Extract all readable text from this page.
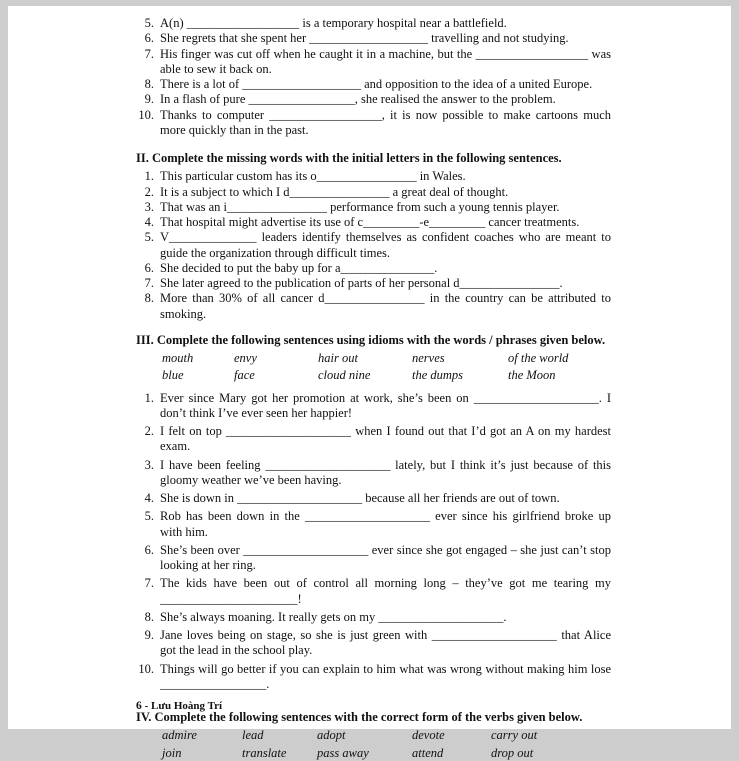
5. A(n) __________________ is a temporary hospital near a battlefield.
6. She regrets that she spent her ___________________ travelling and not studying.
7. His finger was cut off when he caught it in a machine, but the __________________ was able to sew it back on.
8. There is a lot of ___________________ and opposition to the idea of a united Europe.
9. In a flash of pure _________________, she realised the answer to the problem.
10. Thanks to computer __________________, it is now possible to make cartoons much more quickly than in the past.
II. Complete the missing words with the initial letters in the following sentences.
1. This particular custom has its o________________ in Wales.
2. It is a subject to which I d________________ a great deal of thought.
3. That was an i________________ performance from such a young tennis player.
4. That hospital might advertise its use of c_________-e_________ cancer treatments.
5. V______________ leaders identify themselves as confident coaches who are meant to guide the organization through difficult times.
6. She decided to put the baby up for a_______________.
7. She later agreed to the publication of parts of her personal d________________.
8. More than 30% of all cancer d________________ in the country can be attributed to smoking.
III. Complete the following sentences using idioms with the words / phrases given below.
mouth	envy	hair out	nerves	of the world
blue	face	cloud nine	the dumps	the Moon
1. Ever since Mary got her promotion at work, she’s been on ____________________. I don’t think I’ve ever seen her happier!
2. I felt on top ____________________ when I found out that I’d got an A on my hardest exam.
3. I have been feeling ____________________ lately, but I think it’s just because of this gloomy weather we’ve been having.
4. She is down in ____________________ because all her friends are out of town.
5. Rob has been down in the ____________________ ever since his girlfriend broke up with him.
6. She’s been over ____________________ ever since she got engaged – she just can’t stop looking at her ring.
7. The kids have been out of control all morning long – they’ve got me tearing my ______________________!
8. She’s always moaning. It really gets on my ____________________.
9. Jane loves being on stage, so she is just green with ____________________ that Alice got the lead in the school play.
10. Things will go better if you can explain to him what was wrong without making him lose _________________.
IV. Complete the following sentences with the correct form of the verbs given below.
admire	lead	adopt	devote	carry out
join	translate	pass away	attend	drop out
6 - Lưu Hoàng Trí
